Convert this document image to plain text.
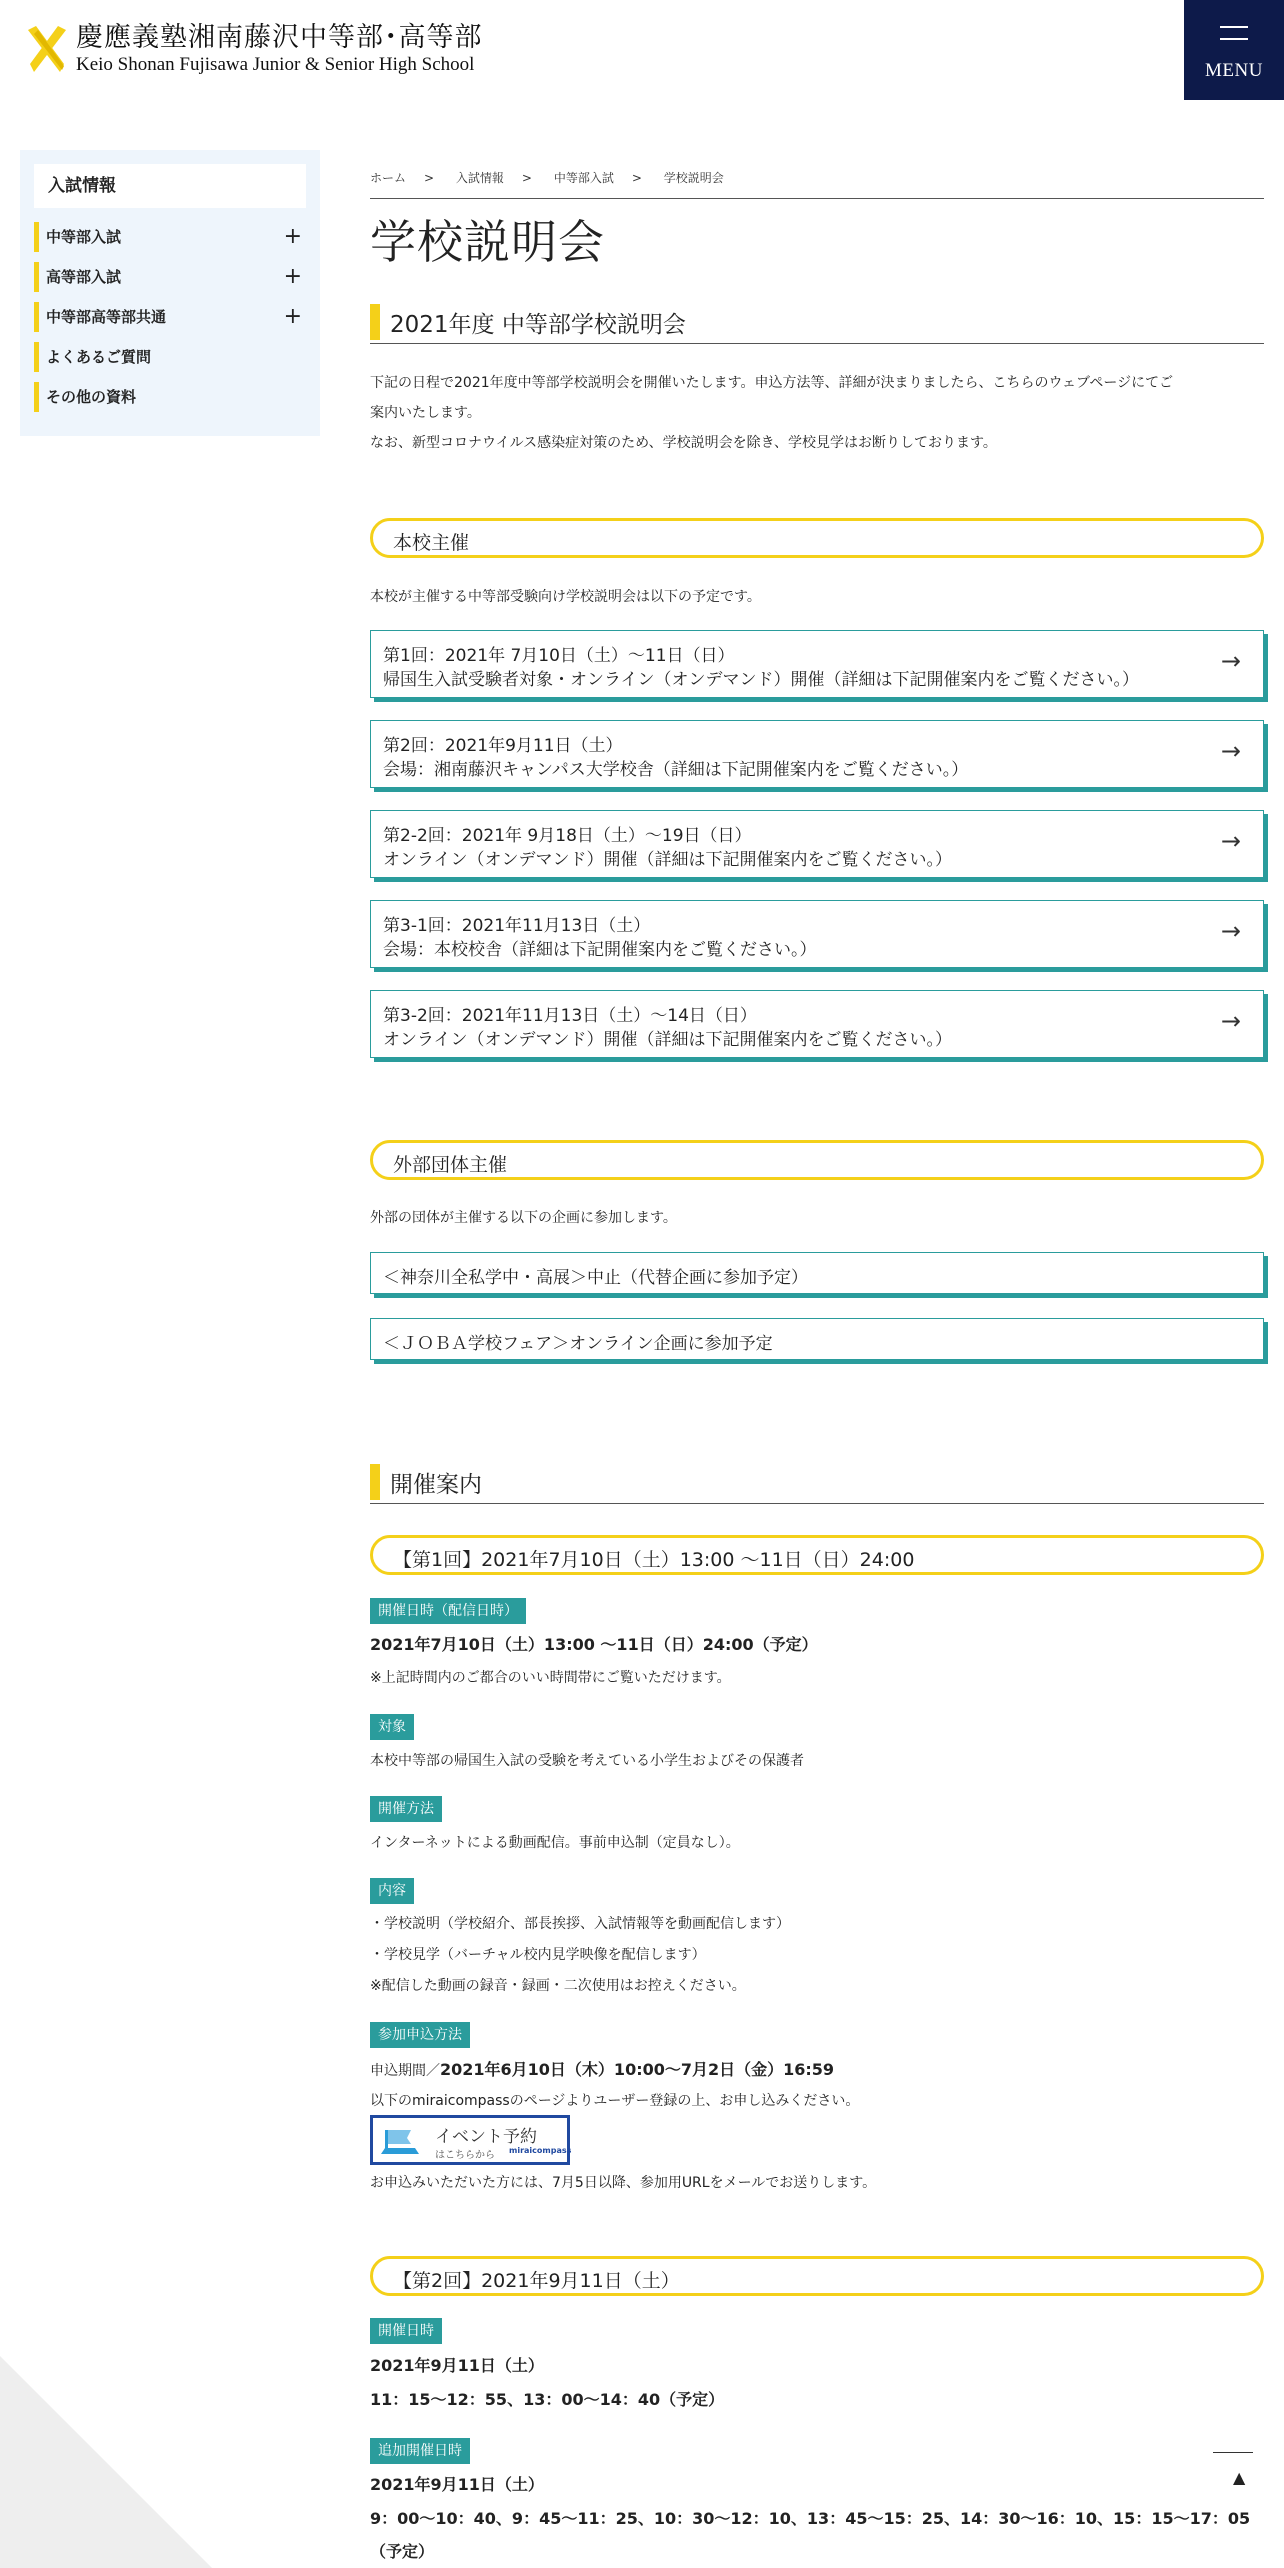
慶應義塾湘南藤沢中等部･高等部
Keio Shonan Fujisawa Junior & Senior High School	MENU
入試情報
中等部入試	+
高等部入試	+
中等部高等部共通	+
よくあるご質問
その他の資料
ホーム > 入試情報 > 中等部入試 > 学校説明会
学校説明会
2021年度 中等部学校説明会
下記の日程で2021年度中等部学校説明会を開催いたします。申込方法等、詳細が決まりましたら、こちらのウェブページにてご
案内いたします。
なお、新型コロナウイルス感染症対策のため、学校説明会を除き、学校見学はお断りしております。
本校主催
本校が主催する中等部受験向け学校説明会は以下の予定です。
第1回：2021年 7月10日（土）～11日（日）
帰国生入試受験者対象・オンライン（オンデマンド）開催（詳細は下記開催案内をご覧ください。）
→
第2回：2021年9月11日（土）
会場：湘南藤沢キャンパス大学校舎（詳細は下記開催案内をご覧ください。）
→
第2-2回：2021年 9月18日（土）～19日（日）
オンライン（オンデマンド）開催（詳細は下記開催案内をご覧ください。）
→
第3-1回：2021年11月13日（土）
会場：本校校舎（詳細は下記開催案内をご覧ください。）
→
第3-2回：2021年11月13日（土）～14日（日）
オンライン（オンデマンド）開催（詳細は下記開催案内をご覧ください。）
→
外部団体主催
外部の団体が主催する以下の企画に参加します。
＜神奈川全私学中・高展＞中止（代替企画に参加予定）
＜ＪＯＢＡ学校フェア＞オンライン企画に参加予定
開催案内
【第1回】2021年7月10日（土）13:00 ～11日（日）24:00
開催日時（配信日時）
2021年7月10日（土）13:00 ～11日（日）24:00（予定）
※上記時間内のご都合のいい時間帯にご覧いただけます。
対象
本校中等部の帰国生入試の受験を考えている小学生およびその保護者
開催方法
インターネットによる動画配信。事前申込制（定員なし）。
内容
・学校説明（学校紹介、部長挨拶、入試情報等を動画配信します）
・学校見学（バーチャル校内見学映像を配信します）
※配信した動画の録音・録画・二次使用はお控えください。
参加申込方法
申込期間／2021年6月10日（木）10:00～7月2日（金）16:59
以下のmiraicompassのページよりユーザー登録の上、お申し込みください。
イベント予約
はこちらから miraicompass
お申込みいただいた方には、7月5日以降、参加用URLをメールでお送りします。
【第2回】2021年9月11日（土）
開催日時
2021年9月11日（土）
11：15～12：55、13：00～14：40（予定）
追加開催日時
2021年9月11日（土）
9：00～10：40、9：45～11：25、10：30～12：10、13：45～15：25、14：30～16：10、15：15～17：05
（予定）
▲
